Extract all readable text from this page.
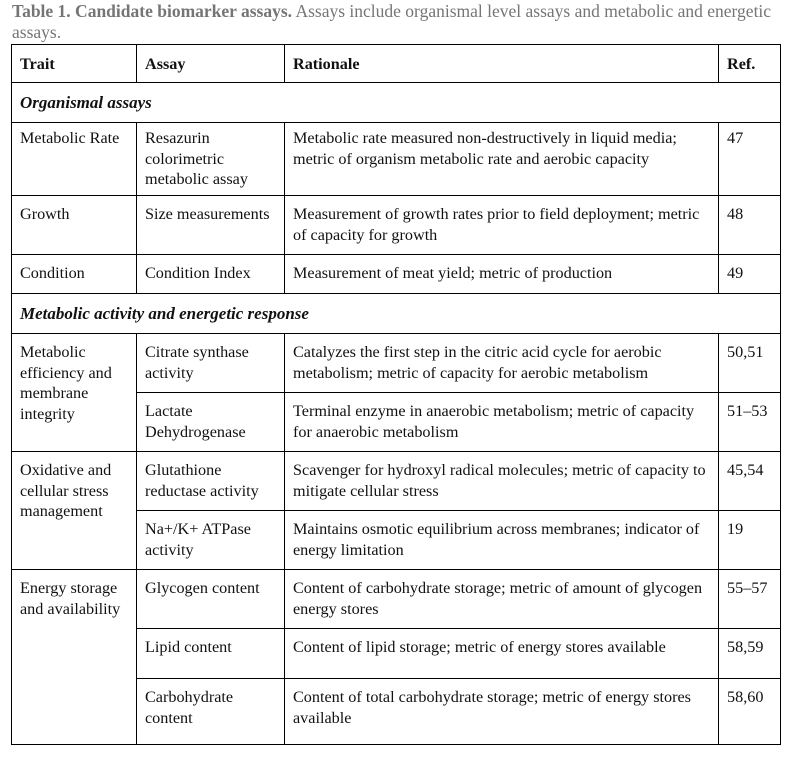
Table 1. Candidate biomarker assays. Assays include organismal level assays and metabolic and energetic assays.
Trait	Assay	Rationale	Ref.
Organismal assays			
Metabolic Rate	Resazurin colorimetric metabolic assay	Metabolic rate measured non-destructively in liquid media; metric of organism metabolic rate and aerobic capacity	47
Growth	Size measurements	Measurement of growth rates prior to field deployment; metric of capacity for growth	48
Condition	Condition Index	Measurement of meat yield; metric of production	49
Metabolic activity and energetic response			
Metabolic efficiency and membrane integrity	Citrate synthase activity	Catalyzes the first step in the citric acid cycle for aerobic metabolism; metric of capacity for aerobic metabolism	50,51
	Lactate Dehydrogenase	Terminal enzyme in anaerobic metabolism; metric of capacity for anaerobic metabolism	51–53
Oxidative and cellular stress management	Glutathione reductase activity	Scavenger for hydroxyl radical molecules; metric of capacity to mitigate cellular stress	45,54
	Na+/K+ ATPase activity	Maintains osmotic equilibrium across membranes; indicator of energy limitation	19
Energy storage and availability	Glycogen content	Content of carbohydrate storage; metric of amount of glycogen energy stores	55–57
	Lipid content	Content of lipid storage; metric of energy stores available	58,59
	Carbohydrate content	Content of total carbohydrate storage; metric of energy stores available	58,60
